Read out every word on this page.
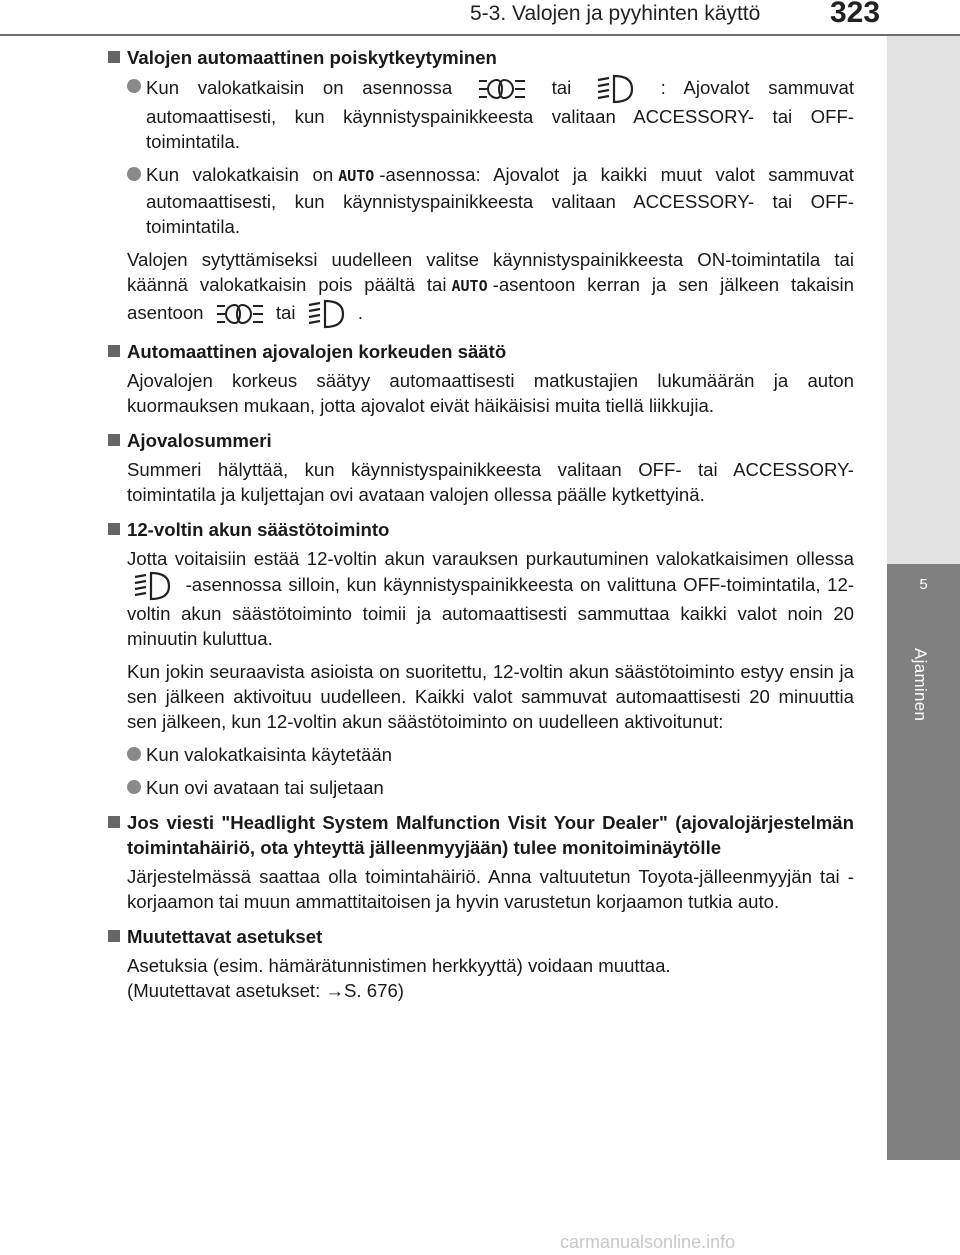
5-3. Valojen ja pyyhinten käyttö 323
5
Ajaminen
Valojen automaattinen poiskytkeytyminen
Kun valokatkaisin on asennossa	tai	: Ajovalot sammuvat automaattisesti, kun käynnistyspainikkeesta valitaan ACCESSORY- tai OFF-toimintatila.
Kun valokatkaisin on AUTO -asennossa: Ajovalot ja kaikki muut valot sammuvat automaattisesti, kun käynnistyspainikkeesta valitaan ACCESSORY- tai OFF-toimintatila.
Valojen sytyttämiseksi uudelleen valitse käynnistyspainikkeesta ON-toimintatila tai käännä valokatkaisin pois päältä tai AUTO -asentoon kerran ja sen jälkeen takaisin asentoon	tai	.
Automaattinen ajovalojen korkeuden säätö
Ajovalojen korkeus säätyy automaattisesti matkustajien lukumäärän ja auton kuormauksen mukaan, jotta ajovalot eivät häikäisisi muita tiellä liikkujia.
Ajovalosummeri
Summeri hälyttää, kun käynnistyspainikkeesta valitaan OFF- tai ACCESSORY-toimintatila ja kuljettajan ovi avataan valojen ollessa päälle kytkettyinä.
12-voltin akun säästötoiminto
Jotta voitaisiin estää 12-voltin akun varauksen purkautuminen valokatkaisimen ollessa  -asennossa silloin, kun käynnistyspainikkeesta on valittuna OFF-toimintatila, 12-voltin akun säästötoiminto toimii ja automaattisesti sammuttaa kaikki valot noin 20 minuutin kuluttua.
Kun jokin seuraavista asioista on suoritettu, 12-voltin akun säästötoiminto estyy ensin ja sen jälkeen aktivoituu uudelleen. Kaikki valot sammuvat automaattisesti 20 minuuttia sen jälkeen, kun 12-voltin akun säästötoiminto on uudelleen aktivoitunut:
Kun valokatkaisinta käytetään
Kun ovi avataan tai suljetaan
Jos viesti "Headlight System Malfunction Visit Your Dealer" (ajovalojärjestelmän toimintahäiriö, ota yhteyttä jälleenmyyjään) tulee monitoiminäytölle
Järjestelmässä saattaa olla toimintahäiriö. Anna valtuutetun Toyota-jälleenmyyjän tai -korjaamon tai muun ammattitaitoisen ja hyvin varustetun korjaamon tutkia auto.
Muutettavat asetukset
Asetuksia (esim. hämärätunnistimen herkkyyttä) voidaan muuttaa.
(Muutettavat asetukset: →S. 676)
carmanualsonline.info
